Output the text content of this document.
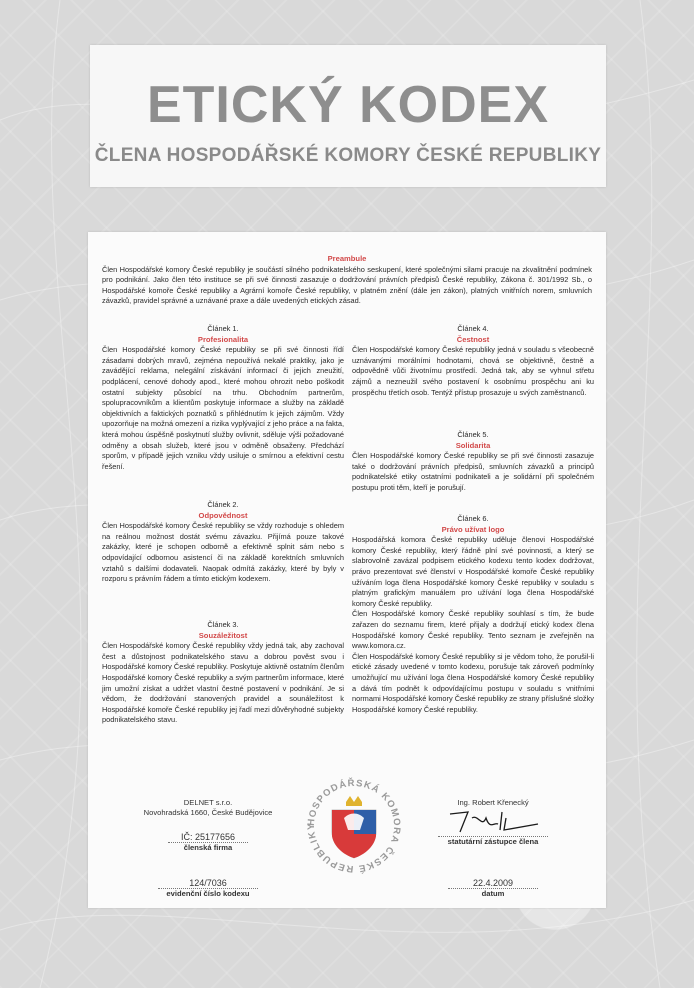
ETICKÝ KODEX
ČLENA HOSPODÁŘSKÉ KOMORY ČESKÉ REPUBLIKY
Preambule
Člen Hospodářské komory České republiky je součástí silného podnikatelského seskupení, které společnými silami pracuje na zkvalitnění podmínek pro podnikání. Jako člen této instituce se při své činnosti zasazuje o dodržování právních předpisů České republiky, Zákona č. 301/1992 Sb., o Hospodářské komoře České republiky a Agrární komoře České republiky, v platném znění (dále jen zákon), platných vnitřních norem, smluvních závazků, pravidel správné a uznávané praxe a dále uvedených etických zásad.
Článek 1.
Profesionalita
Člen Hospodářské komory České republiky se při své činnosti řídí zásadami dobrých mravů, zejména nepoužívá nekalé praktiky, jako je zavádějící reklama, nelegální získávání informací či jejich zneužití, podplácení, cenové dohody apod., které mohou ohrozit nebo poškodit ostatní subjekty působící na trhu. Obchodním partnerům, spolupracovníkům a klientům poskytuje informace a služby na základě objektivních a faktických poznatků s přihlédnutím k jejich zájmům. Vždy upozorňuje na možná omezení a rizika vyplývající z jeho práce a na fakta, která mohou úspěšně poskytnutí služby ovlivnit, sděluje výši požadované odměny a obsah služeb, které jsou v odměně obsaženy. Předchází sporům, v případě jejich vzniku vždy usiluje o smírnou a efektivní cestu řešení.
Článek 2.
Odpovědnost
Člen Hospodářské komory České republiky se vždy rozhoduje s ohledem na reálnou možnost dostát svému závazku. Přijímá pouze takové zakázky, které je schopen odborně a efektivně splnit sám nebo s odpovídající odbornou asistencí či na základě korektních smluvních vztahů s dalšími dodavateli. Naopak odmítá zakázky, které by byly v rozporu s právním řádem a tímto etickým kodexem.
Článek 3.
Souzáležitost
Člen Hospodářské komory České republiky vždy jedná tak, aby zachoval čest a důstojnost podnikatelského stavu a dobrou pověst svou i Hospodářské komory České republiky. Poskytuje aktivně ostatním členům Hospodářské komory České republiky a svým partnerům informace, které jim umožní získat a udržet vlastní čestné postavení v podnikání. Je si vědom, že dodržování stanovených pravidel a sounáležitost k Hospodářské komoře České republiky jej řadí mezi důvěryhodné subjekty podnikatelského stavu.
Článek 4.
Čestnost
Člen Hospodářské komory České republiky jedná v souladu s všeobecně uznávanými morálními hodnotami, chová se objektivně, čestně a odpovědně vůči životnímu prostředí. Jedná tak, aby se vyhnul střetu zájmů a nezneužil svého postavení k osobnímu prospěchu ani ku prospěchu třetích osob. Tentýž přístup prosazuje u svých zaměstnanců.
Článek 5.
Solidarita
Člen Hospodářské komory České republiky se při své činnosti zasazuje také o dodržování právních předpisů, smluvních závazků a principů podnikatelské etiky ostatními podnikateli a je solidární při společném postupu proti těm, kteří je porušují.
Článek 6.
Právo užívat logo
Hospodářská komora České republiky uděluje členovi Hospodářské komory České republiky, který řádně plní své povinnosti, a který se slabrovolně zavázal podpisem etického kodexu tento kodex dodržovat, právo prezentovat své členství v Hospodářské komoře České republiky užíváním loga člena Hospodářské komory České republiky v souladu s platným grafickým manuálem pro užívání loga člena Hospodářské komory České republiky.
Člen Hospodářské komory České republiky souhlasí s tím, že bude zařazen do seznamu firem, které přijaly a dodržují etický kodex člena Hospodářské komory České republiky. Tento seznam je zveřejněn na www.komora.cz.
Člen Hospodářské komory České republiky si je vědom toho, že porušil-li etické zásady uvedené v tomto kodexu, porušuje tak zároveň podmínky umožňující mu užívání loga člena Hospodářské komory České republiky a dává tím podnět k odpovídajícímu postupu v souladu s vnitřními normami Hospodářské komory České republiky ze strany příslušné složky Hospodářské komory České republiky.
DELNET s.r.o.
Novohradská 1660, České Budějovice
IČ: 25177656
členská firma
Ing. Robert Křenecký
statutární zástupce člena
124/7036
evidenční číslo kodexu
22.4.2009
datum
HOSPODÁŘSKÁ KOMORA ČESKÉ REPUBLIKY
